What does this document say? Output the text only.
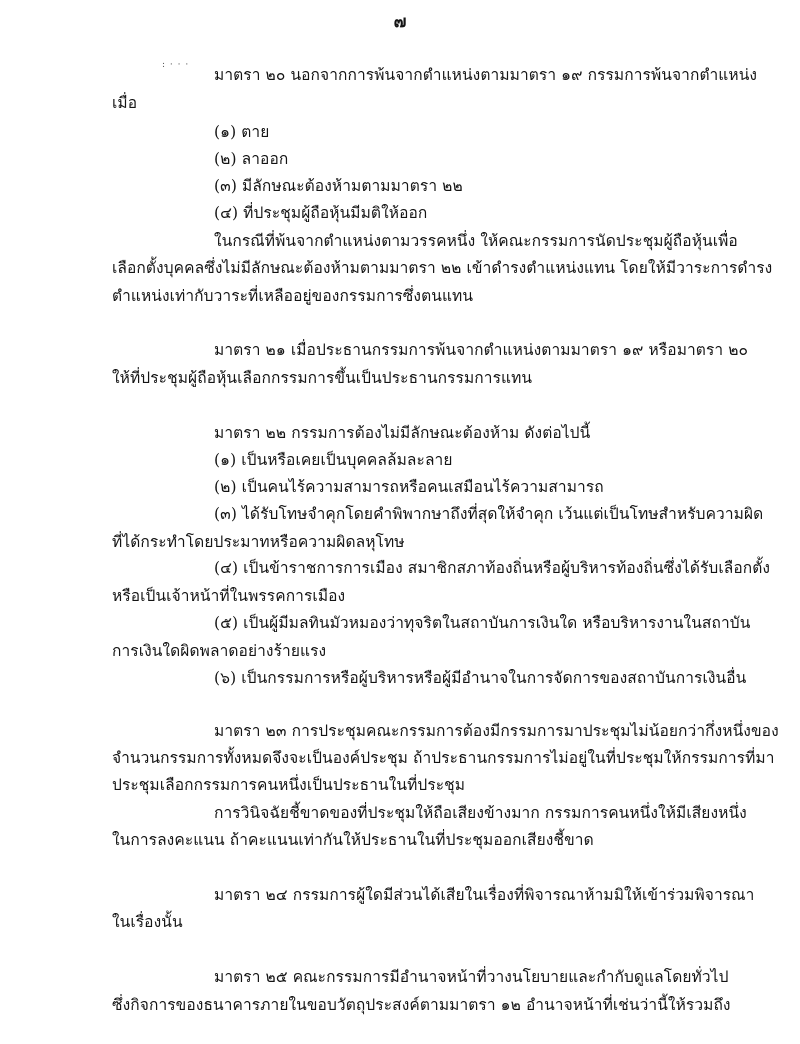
๗
: · · ·
มาตรา ๒๐ นอกจากการพ้นจากตำแหน่งตามมาตรา ๑๙ กรรมการพ้นจากตำแหน่ง
เมื่อ
(๑) ตาย
(๒) ลาออก
(๓) มีลักษณะต้องห้ามตามมาตรา ๒๒
(๔) ที่ประชุมผู้ถือหุ้นมีมติให้ออก
ในกรณีที่พ้นจากตำแหน่งตามวรรคหนึ่ง ให้คณะกรรมการนัดประชุมผู้ถือหุ้นเพื่อ
เลือกตั้งบุคคลซึ่งไม่มีลักษณะต้องห้ามตามมาตรา ๒๒ เข้าดำรงตำแหน่งแทน โดยให้มีวาระการดำรง
ตำแหน่งเท่ากับวาระที่เหลืออยู่ของกรรมการซึ่งตนแทน
มาตรา ๒๑ เมื่อประธานกรรมการพ้นจากตำแหน่งตามมาตรา ๑๙ หรือมาตรา ๒๐
ให้ที่ประชุมผู้ถือหุ้นเลือกกรรมการขึ้นเป็นประธานกรรมการแทน
มาตรา ๒๒ กรรมการต้องไม่มีลักษณะต้องห้าม ดังต่อไปนี้
(๑) เป็นหรือเคยเป็นบุคคลล้มละลาย
(๒) เป็นคนไร้ความสามารถหรือคนเสมือนไร้ความสามารถ
(๓) ได้รับโทษจำคุกโดยคำพิพากษาถึงที่สุดให้จำคุก เว้นแต่เป็นโทษสำหรับความผิด
ที่ได้กระทำโดยประมาทหรือความผิดลหุโทษ
(๔) เป็นข้าราชการการเมือง สมาชิกสภาท้องถิ่นหรือผู้บริหารท้องถิ่นซึ่งได้รับเลือกตั้ง
หรือเป็นเจ้าหน้าที่ในพรรคการเมือง
(๕) เป็นผู้มีมลทินมัวหมองว่าทุจริตในสถาบันการเงินใด หรือบริหารงานในสถาบัน
การเงินใดผิดพลาดอย่างร้ายแรง
(๖) เป็นกรรมการหรือผู้บริหารหรือผู้มีอำนาจในการจัดการของสถาบันการเงินอื่น
มาตรา ๒๓ การประชุมคณะกรรมการต้องมีกรรมการมาประชุมไม่น้อยกว่ากึ่งหนึ่งของ
จำนวนกรรมการทั้งหมดจึงจะเป็นองค์ประชุม ถ้าประธานกรรมการไม่อยู่ในที่ประชุมให้กรรมการที่มา
ประชุมเลือกกรรมการคนหนึ่งเป็นประธานในที่ประชุม
การวินิจฉัยชี้ขาดของที่ประชุมให้ถือเสียงข้างมาก กรรมการคนหนึ่งให้มีเสียงหนึ่ง
ในการลงคะแนน ถ้าคะแนนเท่ากันให้ประธานในที่ประชุมออกเสียงชี้ขาด
มาตรา ๒๔ กรรมการผู้ใดมีส่วนได้เสียในเรื่องที่พิจารณาห้ามมิให้เข้าร่วมพิจารณา
ในเรื่องนั้น
มาตรา ๒๕ คณะกรรมการมีอำนาจหน้าที่วางนโยบายและกำกับดูแลโดยทั่วไป
ซึ่งกิจการของธนาคารภายในขอบวัตถุประสงค์ตามมาตรา ๑๒ อำนาจหน้าที่เช่นว่านี้ให้รวมถึง
